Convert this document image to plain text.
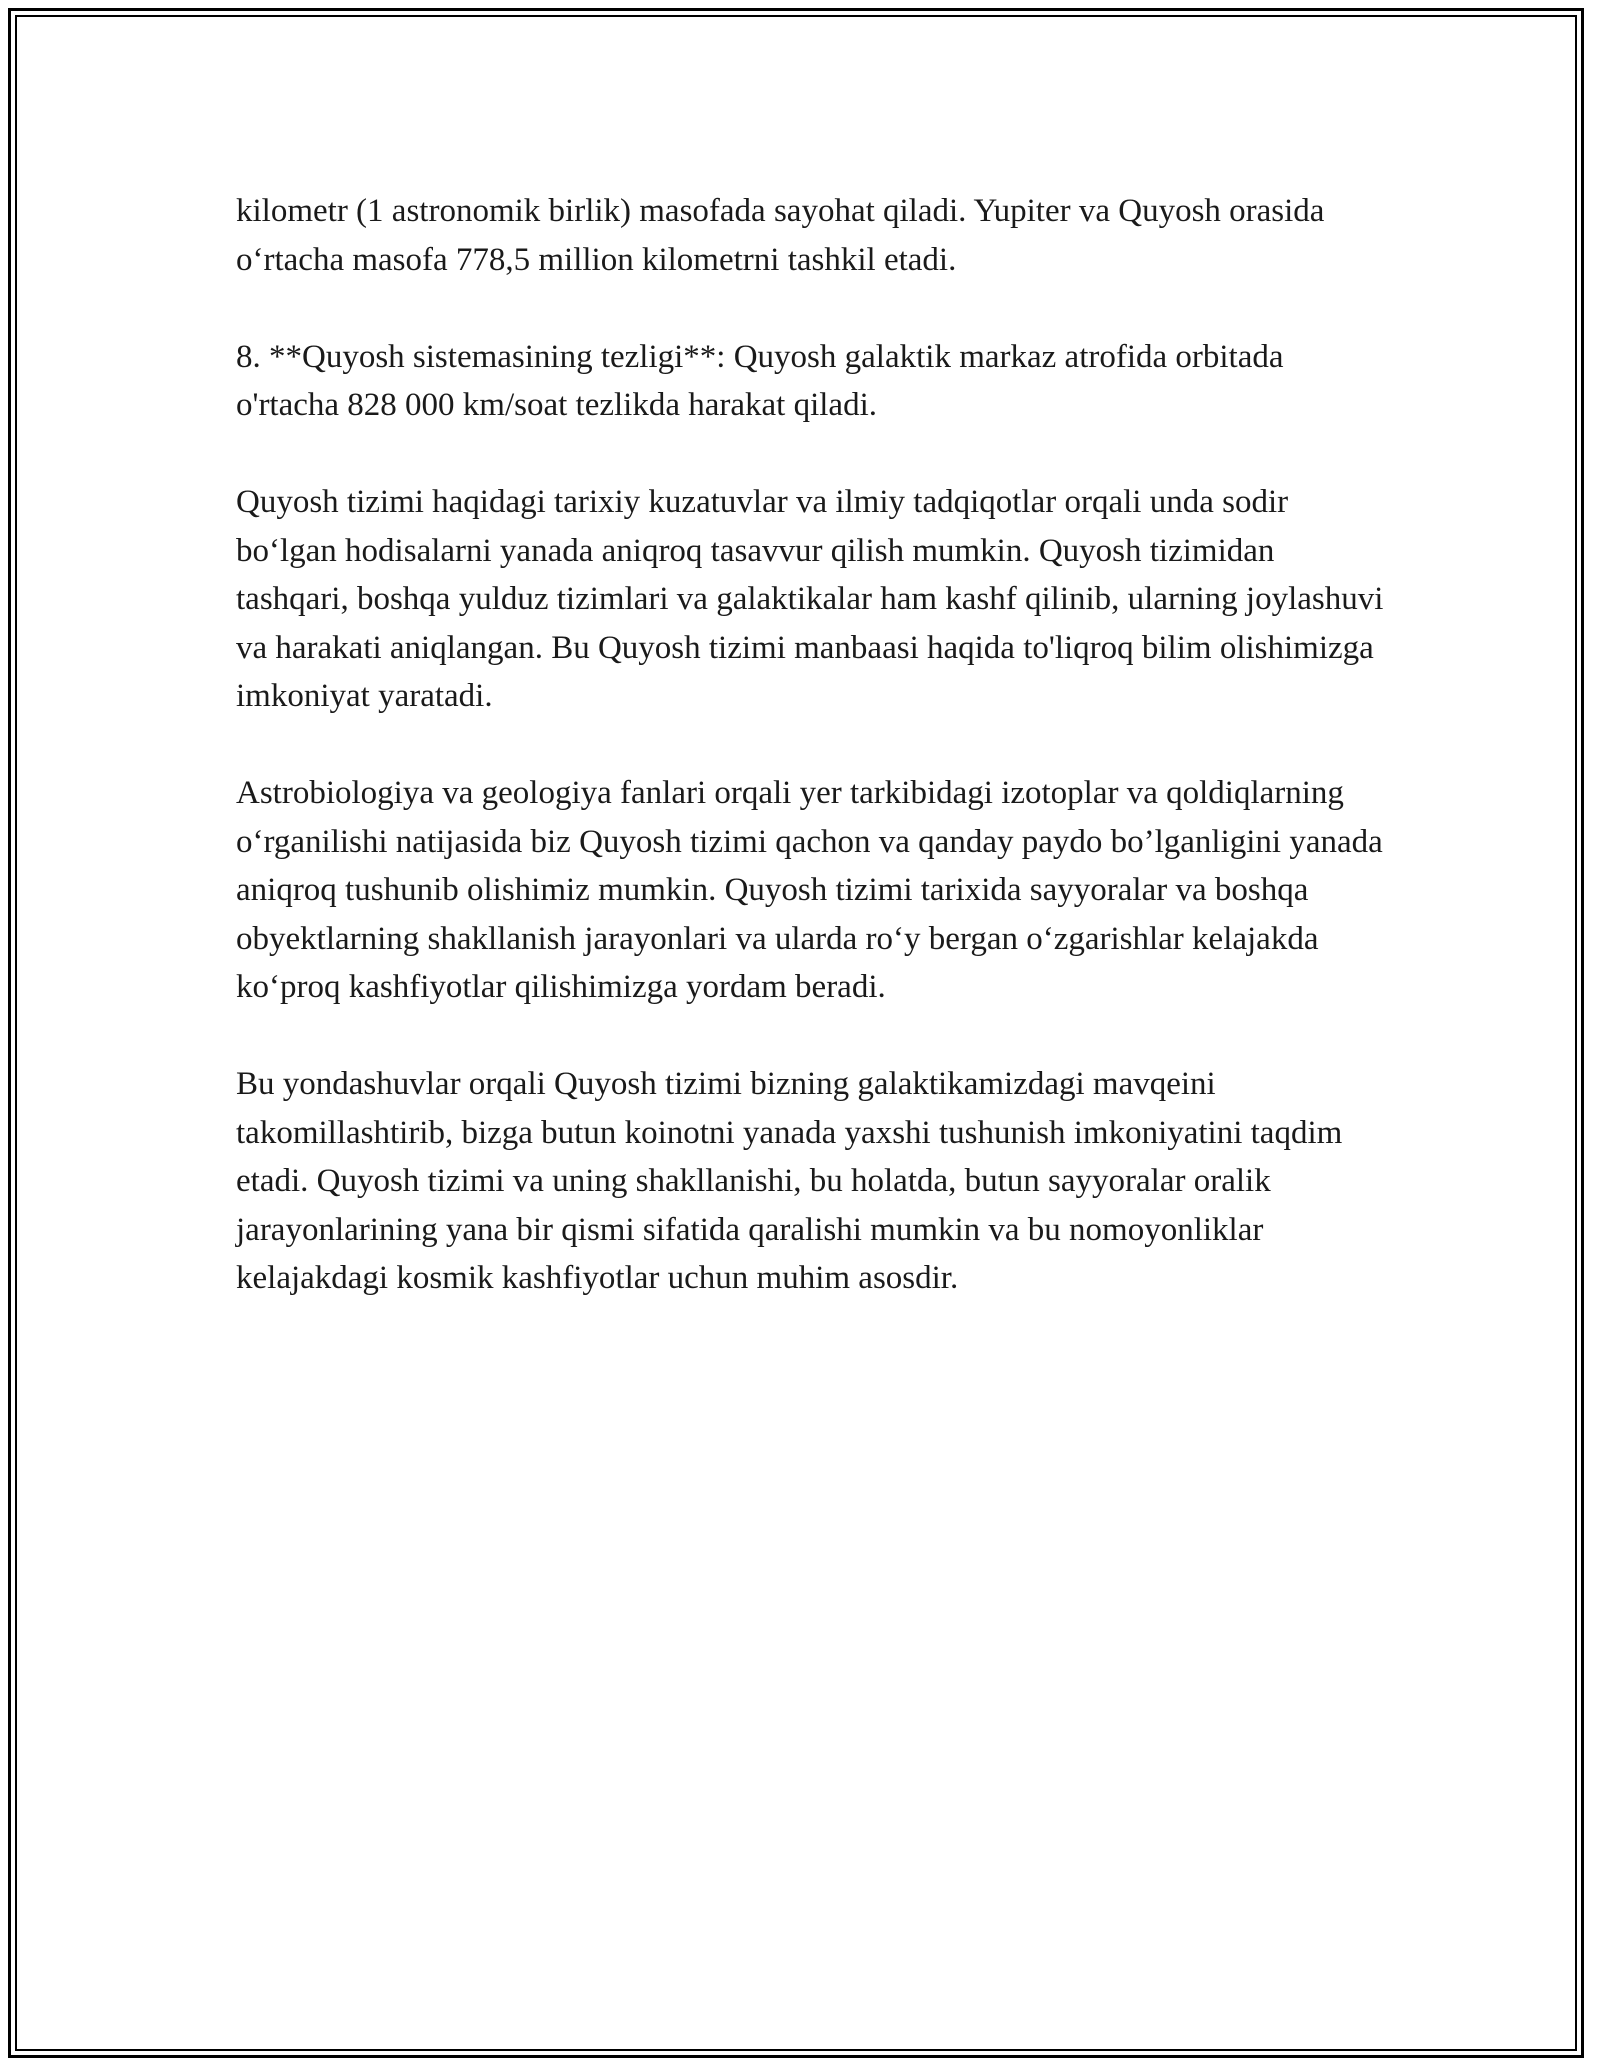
kilometr (1 astronomik birlik) masofada sayohat qiladi. Yupiter va Quyosh orasida o‘rtacha masofa 778,5 million kilometrni tashkil etadi.

8. **Quyosh sistemasining tezligi**: Quyosh galaktik markaz atrofida orbitada o'rtacha 828 000 km/soat tezlikda harakat qiladi.

Quyosh tizimi haqidagi tarixiy kuzatuvlar va ilmiy tadqiqotlar orqali unda sodir bo‘lgan hodisalarni yanada aniqroq tasavvur qilish mumkin. Quyosh tizimidan tashqari, boshqa yulduz tizimlari va galaktikalar ham kashf qilinib, ularning joylashuvi va harakati aniqlangan. Bu Quyosh tizimi manbaasi haqida to'liqroq bilim olishimizga imkoniyat yaratadi.

Astrobiologiya va geologiya fanlari orqali yer tarkibidagi izotoplar va qoldiqlarning o‘rganilishi natijasida biz Quyosh tizimi qachon va qanday paydo bo’lganligini yanada aniqroq tushunib olishimiz mumkin. Quyosh tizimi tarixida sayyoralar va boshqa obyektlarning shakllanish jarayonlari va ularda ro‘y bergan o‘zgarishlar kelajakda ko‘proq kashfiyotlar qilishimizga yordam beradi.

Bu yondashuvlar orqali Quyosh tizimi bizning galaktikamizdagi mavqeini takomillashtirib, bizga butun koinotni yanada yaxshi tushunish imkoniyatini taqdim etadi. Quyosh tizimi va uning shakllanishi, bu holatda, butun sayyoralar oralik jarayonlarining yana bir qismi sifatida qaralishi mumkin va bu nomoyonliklar kelajakdagi kosmik kashfiyotlar uchun muhim asosdir.
